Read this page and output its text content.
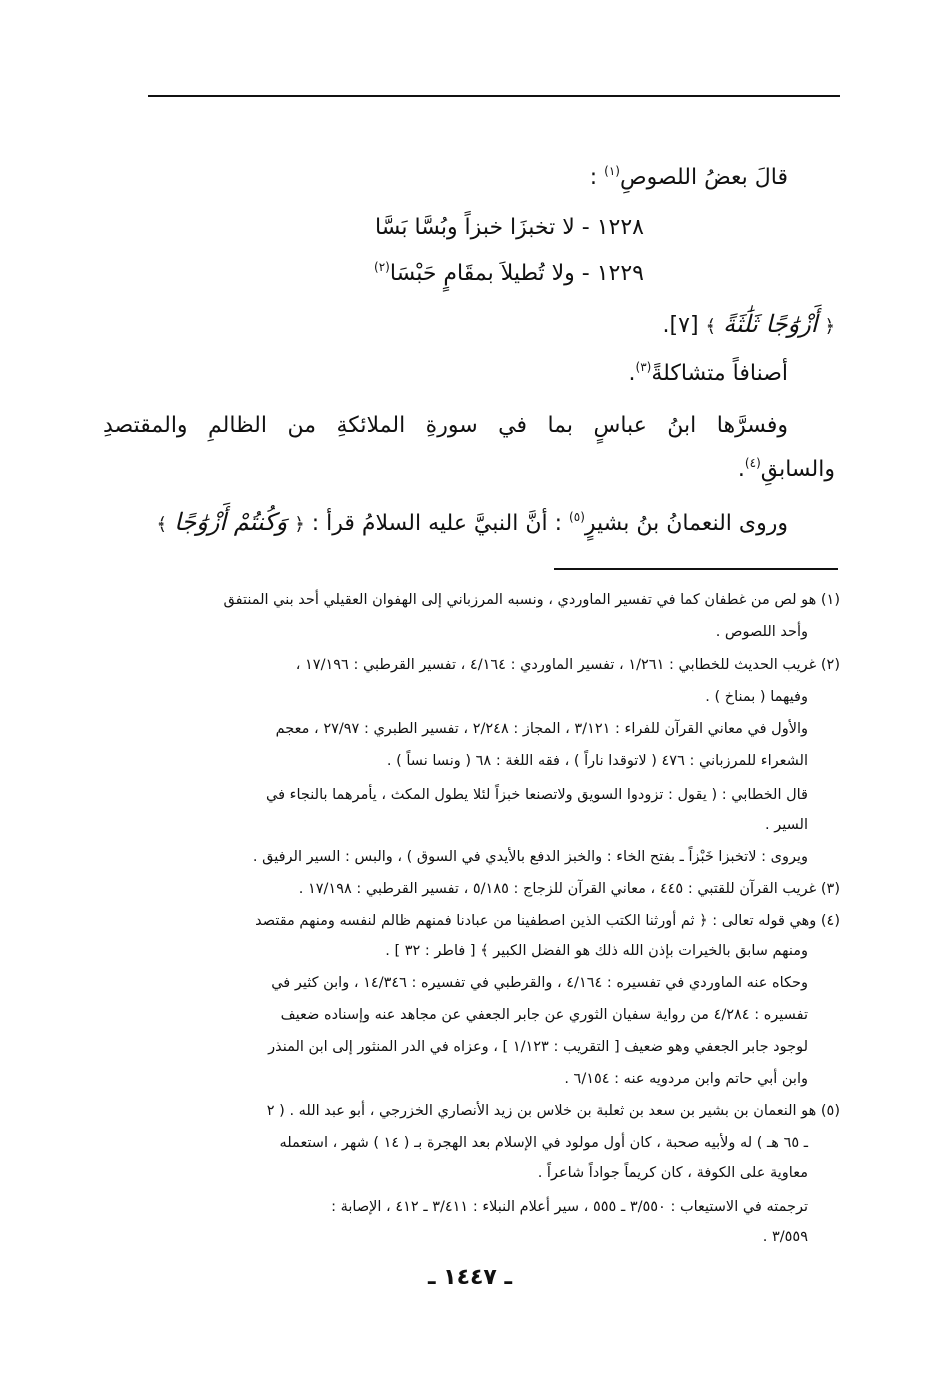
قالَ بعضُ اللصوصِ$^{(١)}$ :
١٢٢٨ - لا تخبزَا خبزاً وبُسَّا بَسَّا
١٢٢٩ - ولا تُطيلاَ بمقَامٍ حَبْسَا$^{(٢)}$
﴿ أَزْوَٰجًا ثَلَٰثَةً ﴾ [٧].
أصنافاً متشاكلةً$^{(٣)}$.
وفسرَّها ابنُ عباسٍ بما في سورةِ الملائكةِ من الظالمِ والمقتصدِ
والسابقِ$^{(٤)}$.
وروى النعمانُ بنُ بشيرٍ$^{(٥)}$ : أنَّ النبيَّ عليه السلامُ قرأ : ﴿ وَكُنتُمْ أَزْوَٰجًا ﴾
(١) هو لص من غطفان كما في تفسير الماوردي ، ونسبه المرزباني إلى الهفوان العقيلي أحد بني المنتفق
وأحد اللصوص .
(٢) غريب الحديث للخطابي : ١/٢٦١ ، تفسير الماوردي : ٤/١٦٤ ، تفسير القرطبي : ١٧/١٩٦ ،
وفيهما ( بمناخ ) .
والأول في معاني القرآن للفراء : ٣/١٢١ ، المجاز : ٢/٢٤٨ ، تفسير الطبري : ٢٧/٩٧ ، معجم
الشعراء للمرزباني : ٤٧٦ ( لاتوقدا ناراً ) ، فقه اللغة : ٦٨ ( ونسا نساً ) .
قال الخطابي : ( يقول : تزودوا السويق ولاتصنعا خبزاً لئلا يطول المكث ، يأمرهما بالنجاء في
السير .
ويروى : لاتخبزا خَبْزاً ـ بفتح الخاء : والخبز الدفع بالأيدي في السوق ) ، والبس : السير الرفيق .
(٣) غريب القرآن للقتبي : ٤٤٥ ، معاني القرآن للزجاج : ٥/١٨٥ ، تفسير القرطبي : ١٧/١٩٨ .
(٤) وهي قوله تعالى : ﴿ ثم أورثنا الكتب الذين اصطفينا من عبادنا فمنهم ظالم لنفسه ومنهم مقتصد
ومنهم سابق بالخيرات بإذن الله ذلك هو الفضل الكبير ﴾ [ فاطر : ٣٢ ] .
وحكاه عنه الماوردي في تفسيره : ٤/١٦٤ ، والقرطبي في تفسيره : ١٤/٣٤٦ ، وابن كثير في
تفسيره : ٤/٢٨٤ من رواية سفيان الثوري عن جابر الجعفي عن مجاهد عنه وإسناده ضعيف
لوجود جابر الجعفي وهو ضعيف [ التقريب : ١/١٢٣ ] ، وعزاه في الدر المنثور إلى ابن المنذر
وابن أبي حاتم وابن مردويه عنه : ٦/١٥٤ .
(٥) هو النعمان بن بشير بن سعد بن ثعلبة بن خلاس بن زيد الأنصاري الخزرجي ، أبو عبد الله . ( ٢
ـ ٦٥ هـ ) له ولأبيه صحبة ، كان أول مولود في الإسلام بعد الهجرة بـ ( ١٤ ) شهر ، استعمله
معاوية على الكوفة ، كان كريماً جواداً شاعراً .
ترجمته في الاستيعاب : ٣/٥٥٠ ـ ٥٥٥ ، سير أعلام النبلاء : ٣/٤١١ ـ ٤١٢ ، الإصابة :
٣/٥٥٩ .
ـ ١٤٤٧ ـ
